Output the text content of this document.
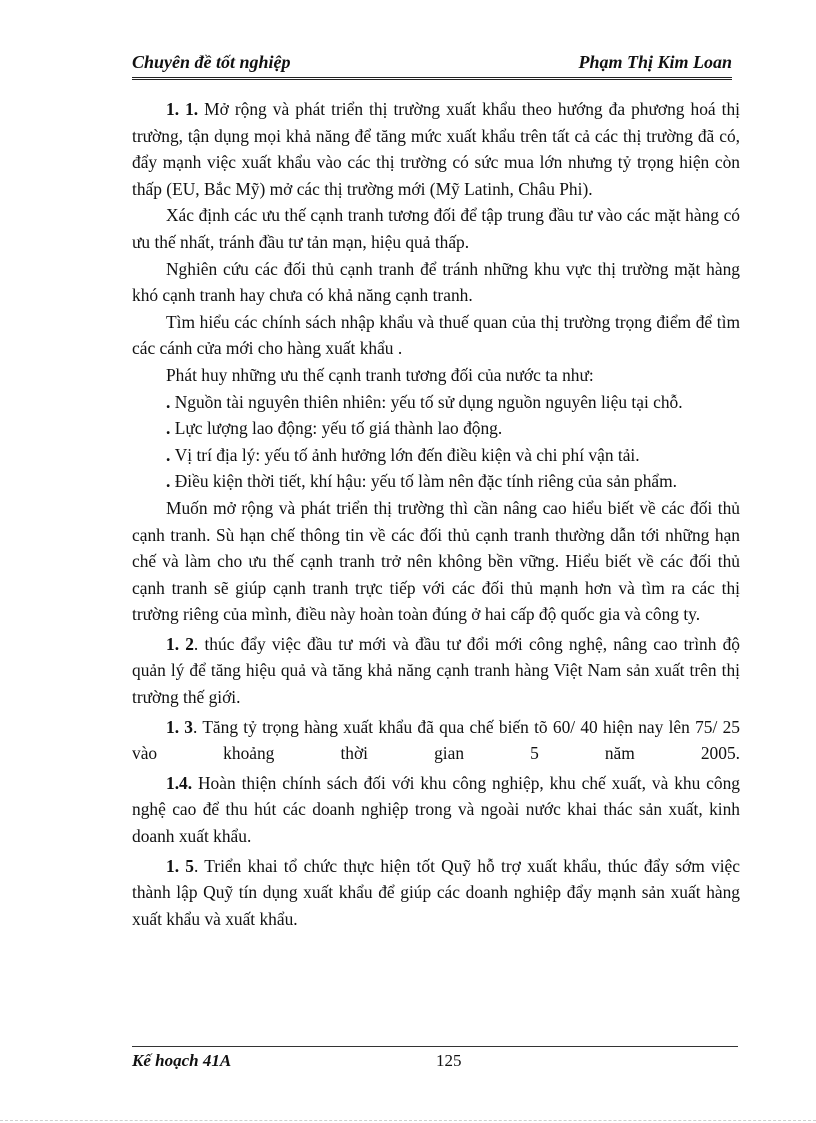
Chuyên đề tốt nghiệp	Phạm Thị Kim Loan

1. 1. Mở rộng và phát triển thị trường xuất khẩu theo hướng đa phương hoá thị trường, tận dụng mọi khả năng để tăng mức xuất khẩu trên tất cả các thị trường đã có, đẩy mạnh việc xuất khẩu vào các thị trường có sức mua lớn nhưng tỷ trọng hiện còn thấp (EU, Bắc Mỹ) mở các thị trường mới (Mỹ Latinh, Châu Phi).

Xác định các ưu thế cạnh tranh tương đối để tập trung đầu tư vào các mặt hàng có ưu thế nhất, tránh đầu tư tản mạn, hiệu quả thấp.

Nghiên cứu các đối thủ cạnh tranh để tránh những khu vực thị trường mặt hàng khó cạnh tranh hay chưa có khả năng cạnh tranh.

Tìm hiểu các chính sách nhập khẩu và thuế quan của thị trường trọng điểm để tìm các cánh cửa mới cho hàng xuất khẩu .

Phát huy những ưu thế cạnh tranh tương đối của nước ta như:

. Nguồn tài nguyên thiên nhiên: yếu tố sử dụng nguồn nguyên liệu tại chỗ.

. Lực lượng lao động: yếu tố giá thành lao động.

. Vị trí địa lý: yếu tố ảnh hưởng lớn đến điều kiện và chi phí vận tải.

. Điều kiện thời tiết, khí hậu: yếu tố làm nên đặc tính riêng của sản phẩm.

Muốn mở rộng và phát triển thị trường thì cần nâng cao hiểu biết về các đối thủ cạnh tranh. Sù hạn chế thông tin về các đối thủ cạnh tranh thường dẫn tới những hạn chế và làm cho ưu thế cạnh tranh trở nên không bền vững. Hiểu biết về các đối thủ cạnh tranh sẽ giúp cạnh tranh trực tiếp với các đối thủ mạnh hơn và tìm ra các thị trường riêng của mình, điều này hoàn toàn đúng ở hai cấp độ quốc gia và công ty.

1. 2. thúc đẩy việc đầu tư mới và đầu tư đổi mới công nghệ, nâng cao trình độ quản lý để tăng hiệu quả và tăng khả năng cạnh tranh hàng Việt Nam sản xuất trên thị trường thế giới.

1. 3. Tăng tỷ trọng hàng xuất khẩu đã qua chế biến tõ 60/ 40 hiện nay lên 75/ 25 vào khoảng thời gian 5 năm 2005.

1.4. Hoàn thiện chính sách đối với khu công nghiệp, khu chế xuất, và khu công nghệ cao để thu hút các doanh nghiệp trong và ngoài nước khai thác sản xuất, kinh doanh xuất khẩu.

1. 5. Triển khai tổ chức thực hiện tốt Quỹ hỗ trợ xuất khẩu, thúc đẩy sớm việc thành lập Quỹ tín dụng xuất khẩu để giúp các doanh nghiệp đẩy mạnh sản xuất hàng xuất khẩu và xuất khẩu.

Kế hoạch 41A	125
